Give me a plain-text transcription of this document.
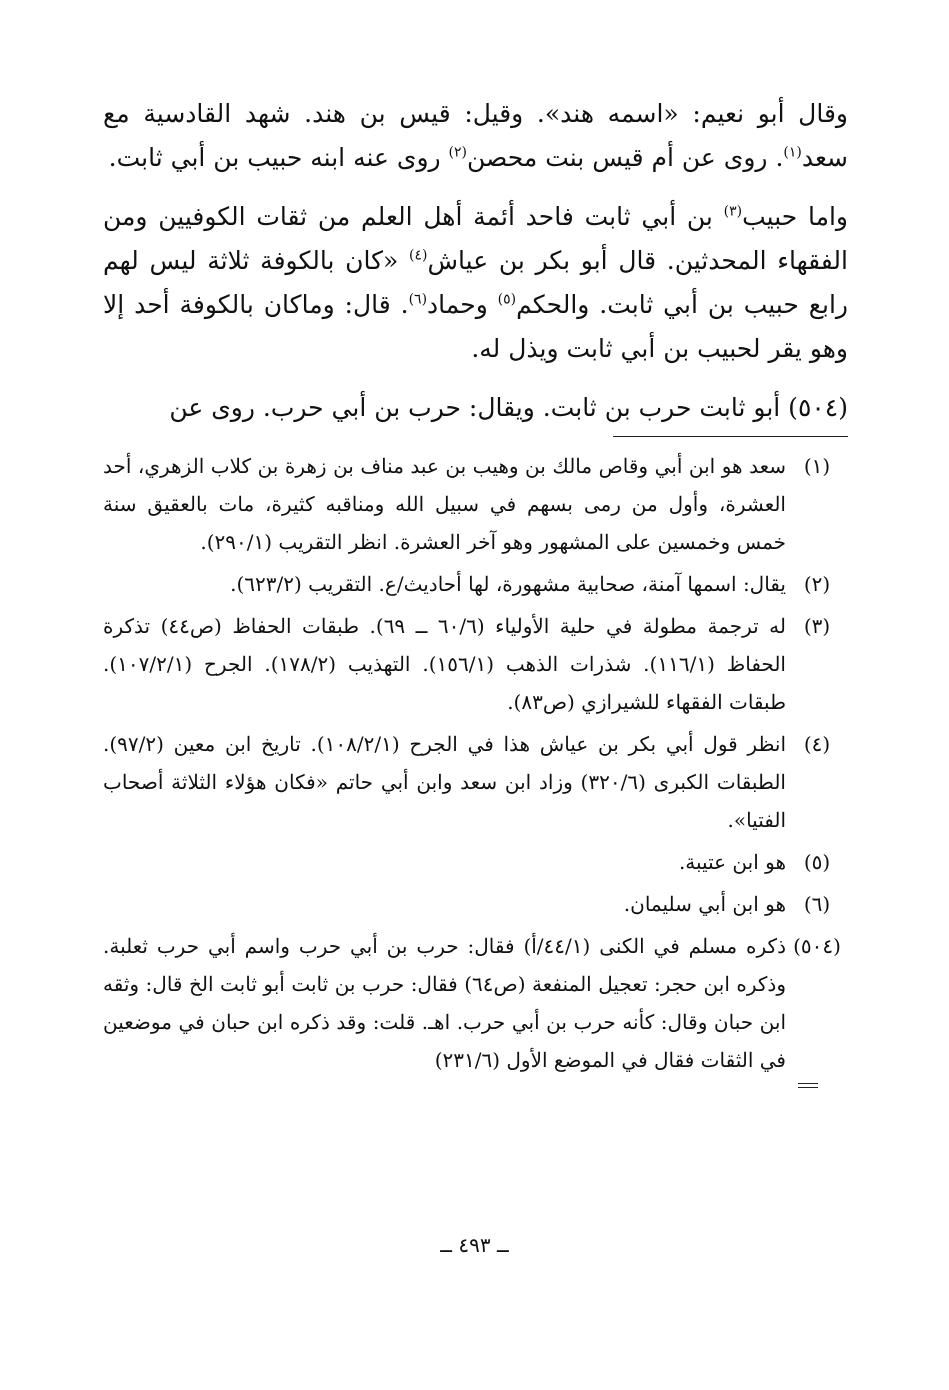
وقال أبو نعيم: «اسمه هند». وقيل: قيس بن هند. شهد القادسية مع سعد$^{(١)}$. روى عن أم قيس بنت محصن$^{(٢)}$ روى عنه ابنه حبيب بن أبي ثابت.

واما حبيب$^{(٣)}$ بن أبي ثابت فاحد أئمة أهل العلم من ثقات الكوفيين ومن الفقهاء المحدثين. قال أبو بكر بن عياش$^{(٤)}$ «كان بالكوفة ثلاثة ليس لهم رابع حبيب بن أبي ثابت. والحكم$^{(٥)}$ وحماد$^{(٦)}$. قال: وماكان بالكوفة أحد إلا وهو يقر لحبيب بن أبي ثابت ويذل له.

(٥٠٤) أبو ثابت حرب بن ثابت. ويقال: حرب بن أبي حرب. روى عن

(١)
سعد هو ابن أبي وقاص مالك بن وهيب بن عبد مناف بن زهرة بن كلاب الزهري، أحد العشرة، وأول من رمى بسهم في سبيل الله ومناقبه كثيرة، مات بالعقيق سنة خمس وخمسين على المشهور وهو آخر العشرة. انظر التقريب (٢٩٠/١).
(٢)
يقال: اسمها آمنة، صحابية مشهورة، لها أحاديث/ع. التقريب (٦٢٣/٢).
(٣)
له ترجمة مطولة في حلية الأولياء (٦٠/٦ ــ ٦٩). طبقات الحفاظ (ص٤٤) تذكرة الحفاظ (١١٦/١). شذرات الذهب (١٥٦/١). التهذيب (١٧٨/٢). الجرح (١٠٧/٢/١). طبقات الفقهاء للشيرازي (ص٨٣).
(٤)
انظر قول أبي بكر بن عياش هذا في الجرح (١٠٨/٢/١). تاريخ ابن معين (٩٧/٢). الطبقات الكبرى (٣٢٠/٦) وزاد ابن سعد وابن أبي حاتم «فكان هؤلاء الثلاثة أصحاب الفتيا».
(٥)
هو ابن عتيبة.
(٦)
هو ابن أبي سليمان.
(٥٠٤)
ذكره مسلم في الكنى (٤٤/١/أ) فقال: حرب بن أبي حرب واسم أبي حرب ثعلبة. وذكره ابن حجر: تعجيل المنفعة (ص٦٤) فقال: حرب بن ثابت أبو ثابت الخ قال: وثقه ابن حبان وقال: كأنه حرب بن أبي حرب. اهـ. قلت: وقد ذكره ابن حبان في موضعين في الثقات فقال في الموضع الأول (٢٣١/٦)
ــ ٤٩٣ ــ
